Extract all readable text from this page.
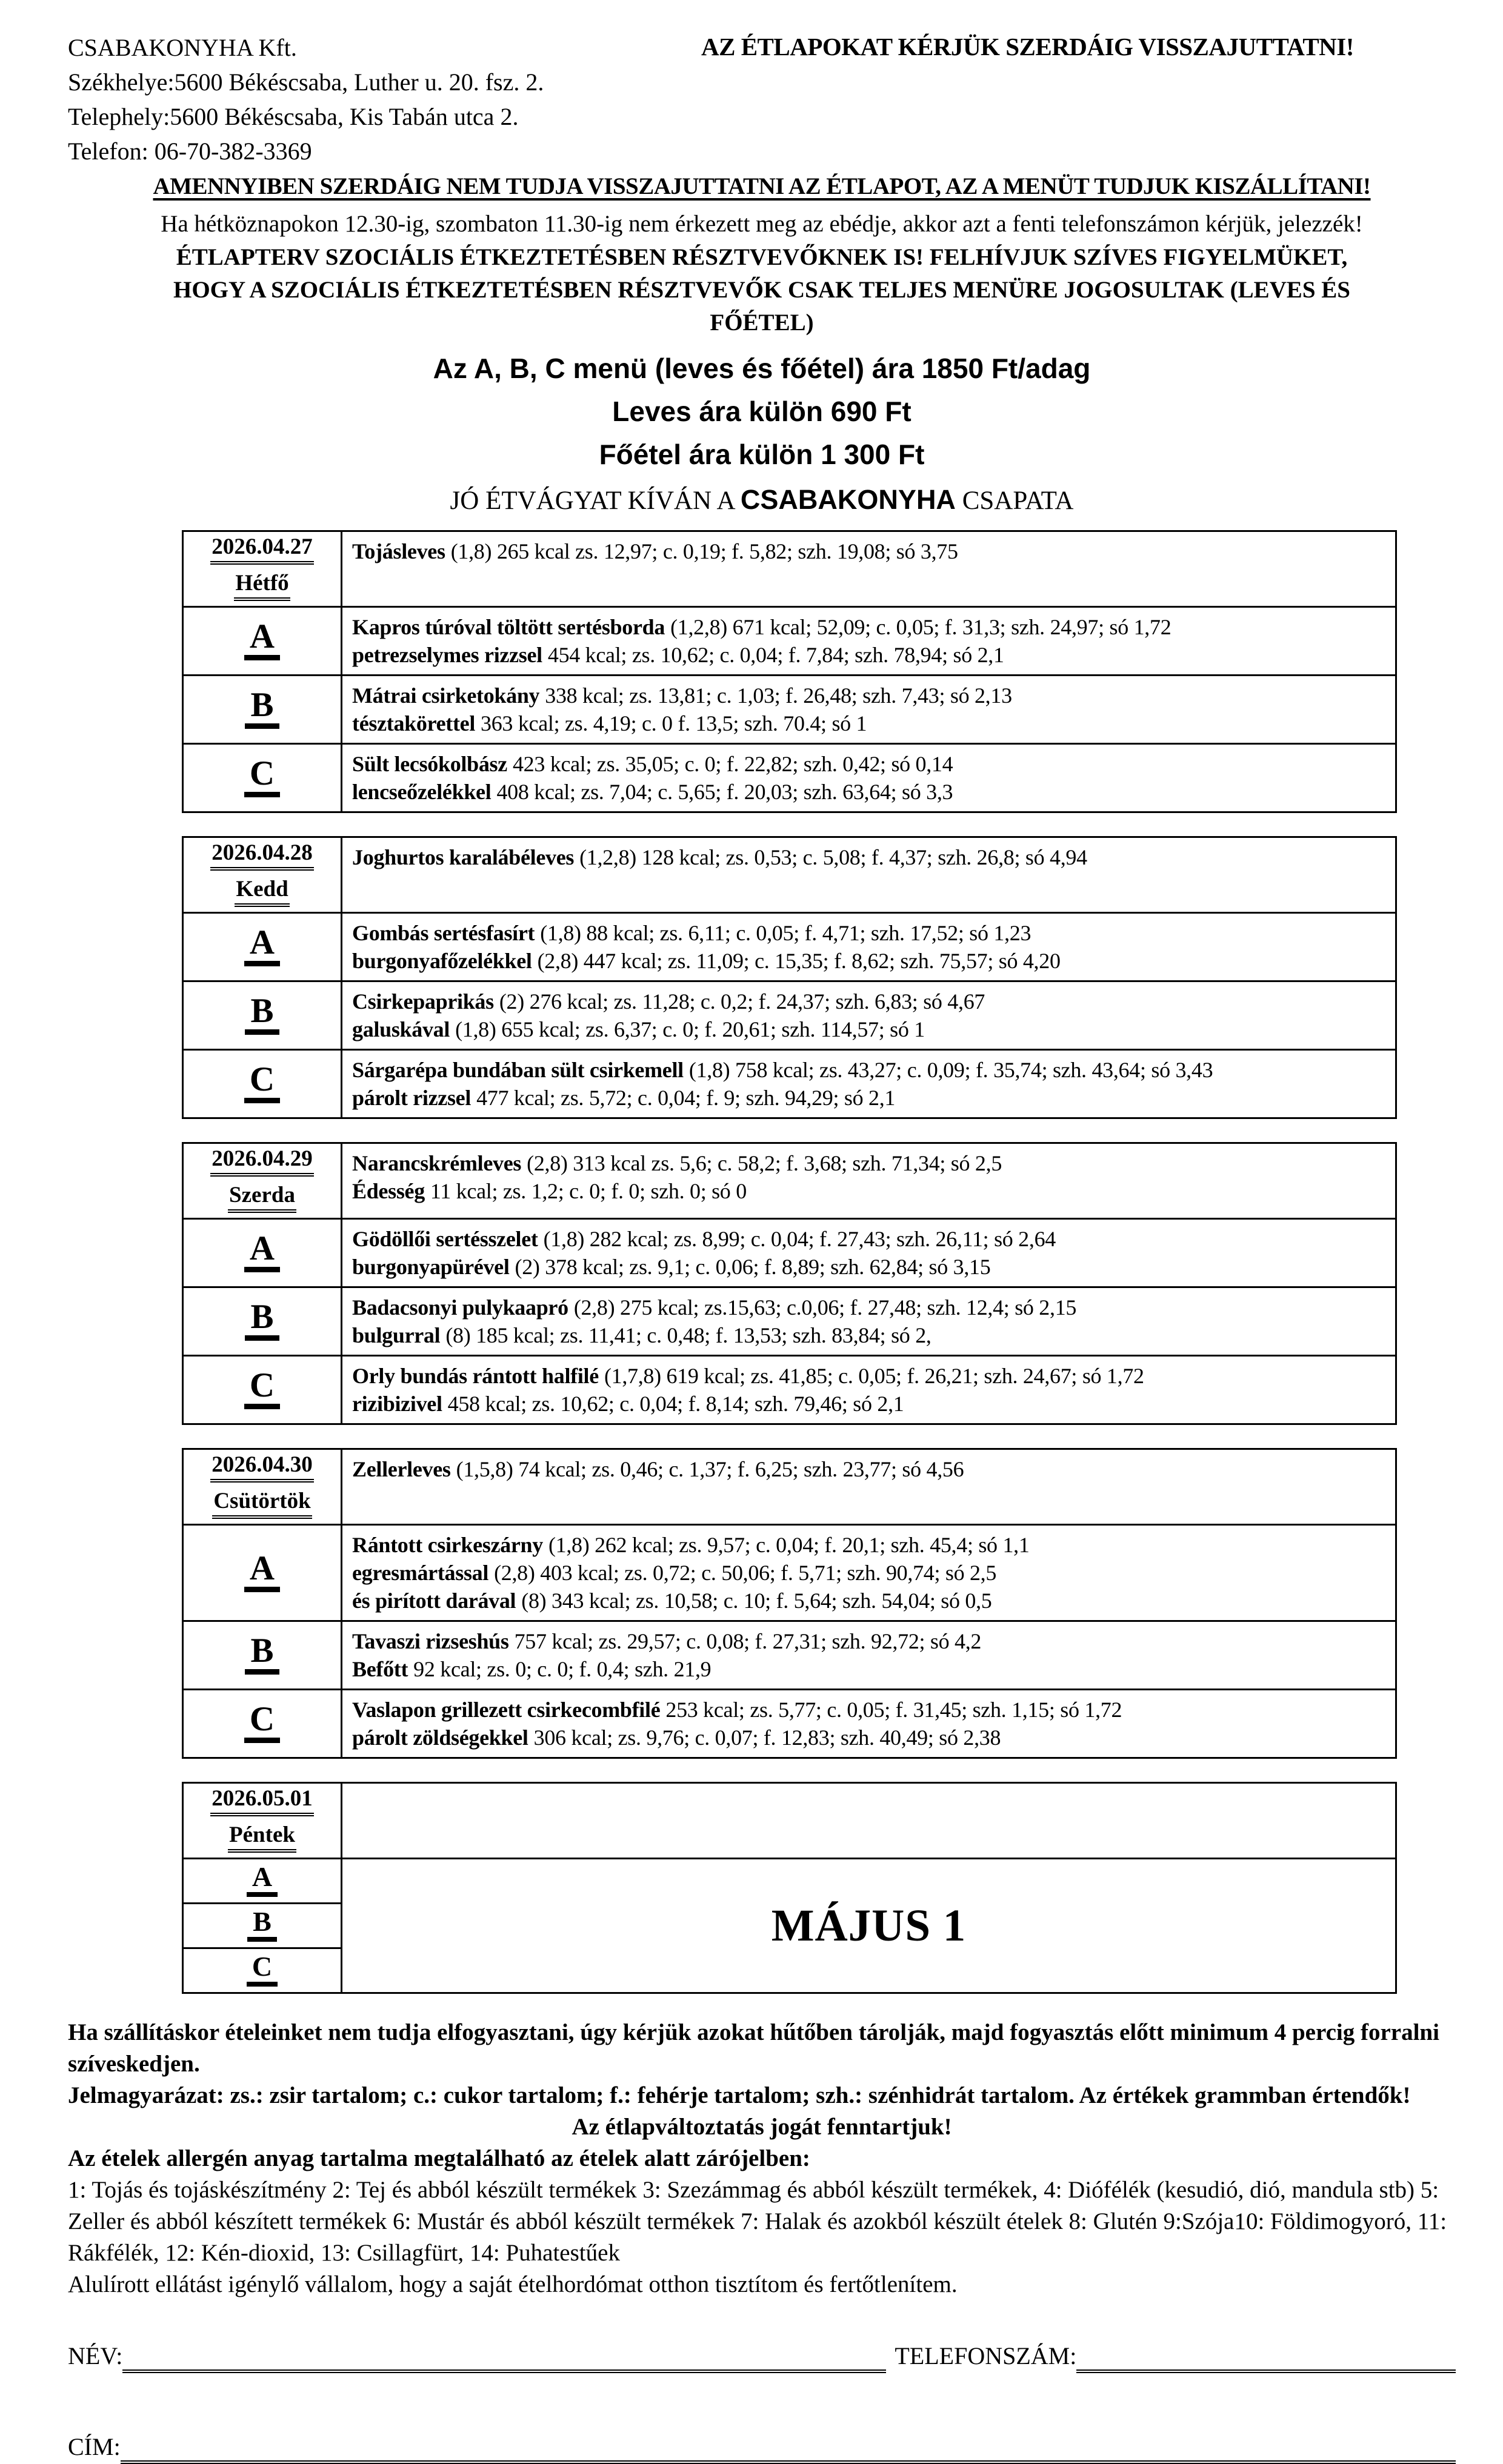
CSABAKONYHA Kft.
Székhelye:5600 Békéscsaba, Luther u. 20. fsz. 2.
Telephely:5600 Békéscsaba, Kis Tabán utca 2.
Telefon: 06-70-382-3369
AZ ÉTLAPOKAT KÉRJÜK SZERDÁIG VISSZAJUTTATNI!
AMENNYIBEN SZERDÁIG NEM TUDJA VISSZAJUTTATNI AZ ÉTLAPOT, AZ A MENÜT TUDJUK KISZÁLLÍTANI!
Ha hétköznapokon 12.30-ig, szombaton 11.30-ig nem érkezett meg az ebédje, akkor azt a fenti telefonszámon kérjük, jelezzék!
ÉTLAPTERV SZOCIÁLIS ÉTKEZTETÉSBEN RÉSZTVEVŐKNEK IS! FELHÍVJUK SZÍVES FIGYELMÜKET, HOGY A SZOCIÁLIS ÉTKEZTETÉSBEN RÉSZTVEVŐK CSAK TELJES MENÜRE JOGOSULTAK (LEVES ÉS FŐÉTEL)
Az A, B, C menü (leves és főétel) ára 1850 Ft/adag
Leves ára külön 690 Ft
Főétel ára külön 1 300 Ft
JÓ ÉTVÁGYAT KÍVÁN A CSABAKONYHA CSAPATA
2026.04.27
Hétfő	Tojásleves (1,8) 265 kcal zs. 12,97; c. 0,19; f. 5,82; szh. 19,08; só 3,75

A	Kapros túróval töltött sertésborda (1,2,8) 671 kcal; 52,09; c. 0,05; f. 31,3; szh. 24,97; só 1,72
petrezselymes rizzsel 454 kcal; zs. 10,62; c. 0,04; f. 7,84; szh. 78,94; só 2,1

B	Mátrai csirketokány 338 kcal; zs. 13,81; c. 1,03; f. 26,48; szh. 7,43; só 2,13
tésztakörettel 363 kcal; zs. 4,19; c. 0 f. 13,5; szh. 70.4; só 1

C	Sült lecsókolbász 423 kcal; zs. 35,05; c. 0; f. 22,82; szh. 0,42; só 0,14
lencseőzelékkel 408 kcal; zs. 7,04; c. 5,65; f. 20,03; szh. 63,64; só 3,3
2026.04.28
Kedd	Joghurtos karalábéleves (1,2,8) 128 kcal; zs. 0,53; c. 5,08; f. 4,37; szh. 26,8; só 4,94

A	Gombás sertésfasírt (1,8) 88 kcal; zs. 6,11; c. 0,05; f. 4,71; szh. 17,52; só 1,23
burgonyafőzelékkel (2,8) 447 kcal; zs. 11,09; c. 15,35; f. 8,62; szh. 75,57; só 4,20

B	Csirkepaprikás (2) 276 kcal; zs. 11,28; c. 0,2; f. 24,37; szh. 6,83; só 4,67
galuskával (1,8) 655 kcal; zs. 6,37; c. 0; f. 20,61; szh. 114,57; só 1

C	Sárgarépa bundában sült csirkemell (1,8) 758 kcal; zs. 43,27; c. 0,09; f. 35,74; szh. 43,64; só 3,43
párolt rizzsel 477 kcal; zs. 5,72; c. 0,04; f. 9; szh. 94,29; só 2,1
2026.04.29
Szerda

Narancskrémleves (2,8) 313 kcal zs. 5,6; c. 58,2; f. 3,68; szh. 71,34; só 2,5
Édesség 11 kcal; zs. 1,2; c. 0; f. 0; szh. 0; só 0

A	Gödöllői sertésszelet (1,8) 282 kcal; zs. 8,99; c. 0,04; f. 27,43; szh. 26,11; só 2,64
burgonyapürével (2) 378 kcal; zs. 9,1; c. 0,06; f. 8,89; szh. 62,84; só 3,15

B	Badacsonyi pulykaapró (2,8) 275 kcal; zs.15,63; c.0,06; f. 27,48; szh. 12,4; só 2,15
bulgurral (8) 185 kcal; zs. 11,41; c. 0,48; f. 13,53; szh. 83,84; só 2,

C	Orly bundás rántott halfilé (1,7,8) 619 kcal; zs. 41,85; c. 0,05; f. 26,21; szh. 24,67; só 1,72
rizibizivel 458 kcal; zs. 10,62; c. 0,04; f. 8,14; szh. 79,46; só 2,1
2026.04.30
Csütörtök	Zellerleves (1,5,8) 74 kcal; zs. 0,46; c. 1,37; f. 6,25; szh. 23,77; só 4,56

A	Rántott csirkeszárny (1,8) 262 kcal; zs. 9,57; c. 0,04; f. 20,1; szh. 45,4; só 1,1
egresmártással (2,8) 403 kcal; zs. 0,72; c. 50,06; f. 5,71; szh. 90,74; só 2,5
és pirított darával (8) 343 kcal; zs. 10,58; c. 10; f. 5,64; szh. 54,04; só 0,5

B	Tavaszi rizseshús 757 kcal; zs. 29,57; c. 0,08; f. 27,31; szh. 92,72; só 4,2
Befőtt 92 kcal; zs. 0; c. 0; f. 0,4; szh. 21,9

C	Vaslapon grillezett csirkecombfilé 253 kcal; zs. 5,77; c. 0,05; f. 31,45; szh. 1,15; só 1,72
párolt zöldségekkel 306 kcal; zs. 9,76; c. 0,07; f. 12,83; szh. 40,49; só 2,38
2026.05.01
Péntek	

A	MÁJUS 1
B	
C	
Ha szállításkor ételeinket nem tudja elfogyasztani, úgy kérjük azokat hűtőben tárolják, majd fogyasztás előtt minimum 4 percig forralni szíveskedjen.
Jelmagyarázat: zs.: zsir tartalom; c.: cukor tartalom; f.: fehérje tartalom; szh.: szénhidrát tartalom. Az értékek grammban értendők!
Az étlapváltoztatás jogát fenntartjuk!
Az ételek allergén anyag tartalma megtalálható az ételek alatt zárójelben:
1: Tojás és tojáskészítmény 2: Tej és abból készült termékek 3: Szezámmag és abból készült termékek, 4: Diófélék (kesudió, dió, mandula stb) 5: Zeller és abból készített termékek 6: Mustár és abból készült termékek 7: Halak és azokból készült ételek 8: Glutén 9:Szója10: Földimogyoró, 11: Rákfélék, 12: Kén-dioxid, 13: Csillagfürt, 14: Puhatestűek
Alulírott ellátást igénylő vállalom, hogy a saját ételhordómat otthon tisztítom és fertőtlenítem.
NÉV:	TELEFONSZÁM:
CÍM:
